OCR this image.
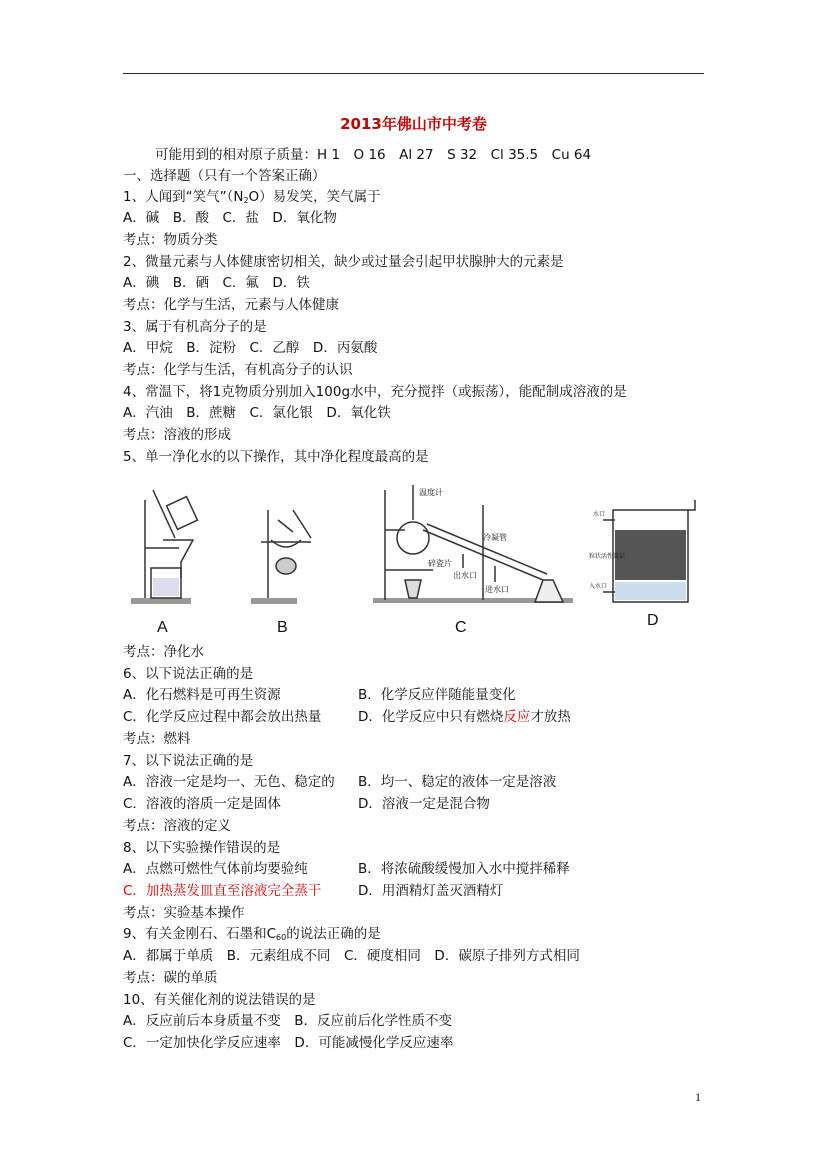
2013年佛山市中考卷
可能用到的相对原子质量：H 1　O 16　Al 27　S 32　Cl 35.5　Cu 64
一、选择题（只有一个答案正确）
1、人闻到“笑气$”(N_2O)$易发笑，笑气属于
A．碱　B．酸　C．盐　D．氧化物
考点：物质分类
2、微量元素与人体健康密切相关，缺少或过量会引起甲状腺肿大的元素是
A．碘　B．硒　C．氟　D．铁
考点：化学与生活，元素与人体健康
3、属于有机高分子的是
A．甲烷　B．淀粉　C．乙醇　D．丙氨酸
考点：化学与生活，有机高分子的认识
4、常温下，将1克物质分别加入100g水中，充分搅拌（或振荡），能配制成溶液的是
A．汽油　B．蔗糖　C．氯化银　D．氧化铁
考点：溶液的形成
5、单一净化水的以下操作，其中净化程度最高的是
A	B	C	D
温度计
冷凝管
碎瓷片
出水口
进水口
水口
粒状活性炭层
入水口
考点：净化水
6、以下说法正确的是
A．化石燃料是可再生资源	B．化学反应伴随能量变化
C．化学反应过程中都会放出热量	D．化学反应中只有燃烧反应才放热
考点：燃料
7、以下说法正确的是
A．溶液一定是均一、无色、稳定的 B．均一、稳定的液体一定是溶液
C．溶液的溶质一定是固体	D．溶液一定是混合物
考点：溶液的定义
8、以下实验操作错误的是
A．点燃可燃性气体前均要验纯	B．将浓硫酸缓慢加入水中搅拌稀释
C．加热蒸发皿直至溶液完全蒸干	D．用酒精灯盖灭酒精灯
考点：实验基本操作
9、有关金刚石、石墨和$C_{60}$的说法正确的是
A．都属于单质　B．元素组成不同　C．硬度相同　D．碳原子排列方式相同
考点：碳的单质
10、有关催化剂的说法错误的是
A．反应前后本身质量不变　B．反应前后化学性质不变
C．一定加快化学反应速率　D．可能减慢化学反应速率
1
